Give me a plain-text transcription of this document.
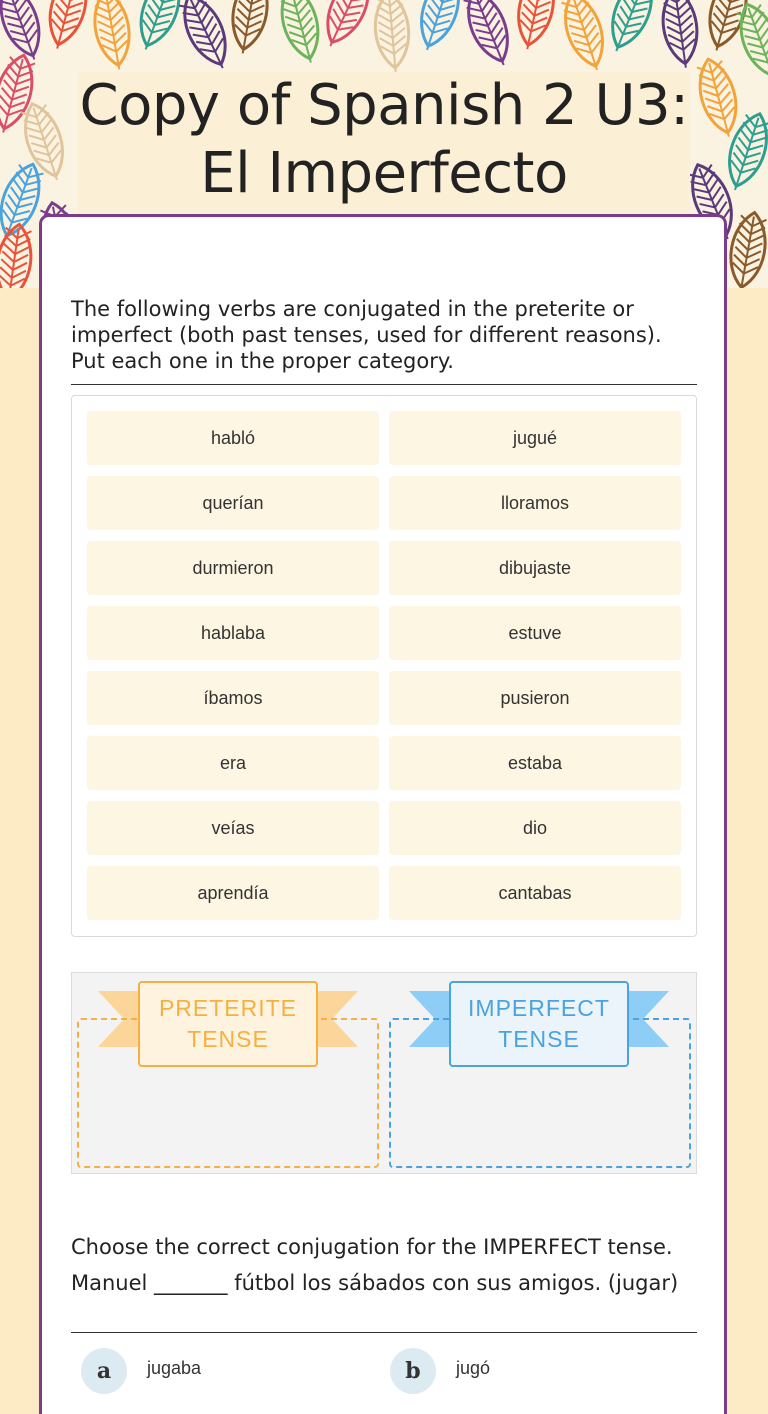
Copy of Spanish 2 U3:
El Imperfecto
The following verbs are conjugated in the preterite or imperfect (both past tenses, used for different reasons). Put each one in the proper category.
habló	jugué
querían	lloramos
durmieron	dibujaste
hablaba	estuve
íbamos	pusieron
era	estaba
veías	dio
aprendía	cantabas
PRETERITE
TENSE
IMPERFECT
TENSE
Choose the correct conjugation for the IMPERFECT tense.
Manuel _______ fútbol los sábados con sus amigos. (jugar)
a	jugaba	b	jugó
